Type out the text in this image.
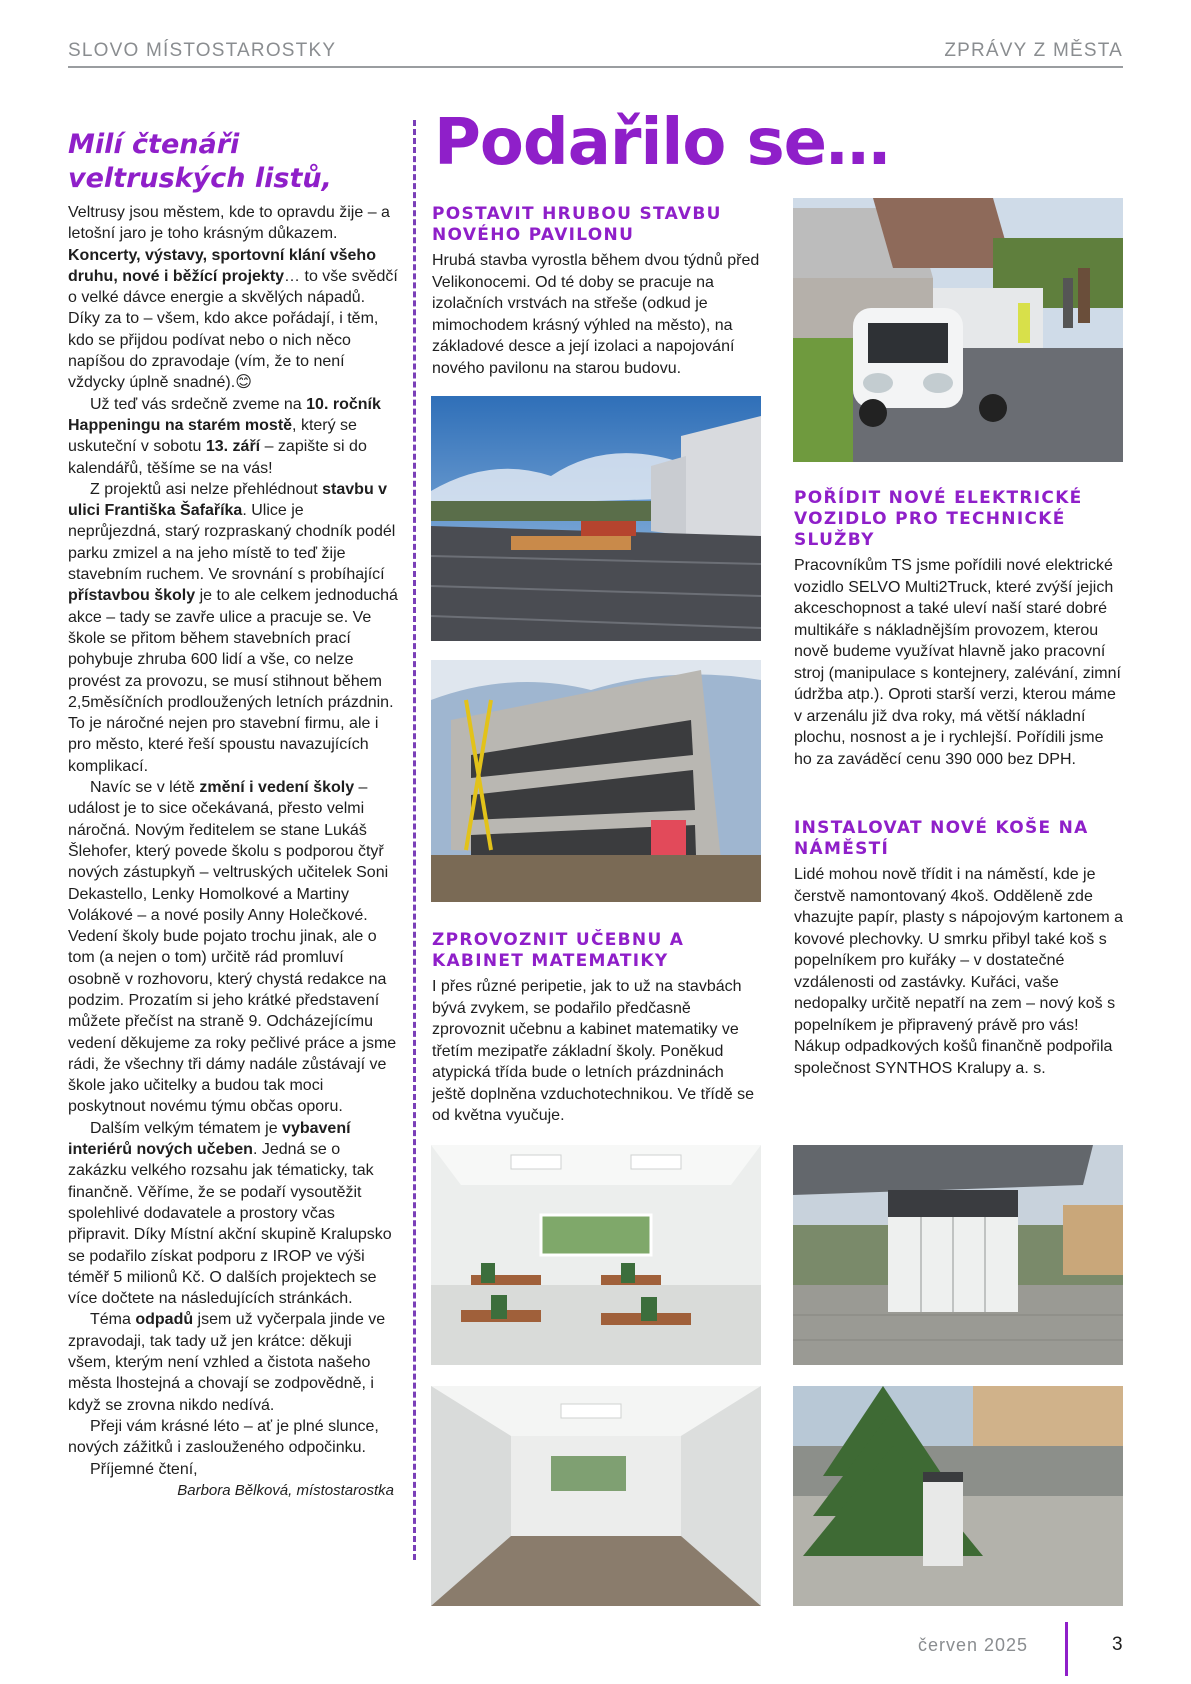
SLOVO MÍSTOSTAROSTKY	ZPRÁVY Z MĚSTA
Milí čtenáři veltruských listů,

Veltrusy jsou městem, kde to opravdu žije – a letošní jaro je toho krásným důkazem. Koncerty, výstavy, sportovní klání všeho druhu, nové i běžící projekty… to vše svědčí o velké dávce energie a skvělých nápadů. Díky za to – všem, kdo akce pořádají, i těm, kdo se přijdou podívat nebo o nich něco napíšou do zpravodaje (vím, že to není vždycky úplně snadné).😊

Už teď vás srdečně zveme na 10. ročník Happeningu na starém mostě, který se uskuteční v sobotu 13. září – zapište si do kalendářů, těšíme se na vás!

Z projektů asi nelze přehlédnout stavbu v ulici Františka Šafaříka. Ulice je neprůjezdná, starý rozpraskaný chodník podél parku zmizel a na jeho místě to teď žije stavebním ruchem. Ve srovnání s probíhající přístavbou školy je to ale celkem jednoduchá akce – tady se zavře ulice a pracuje se. Ve škole se přitom během stavebních prací pohybuje zhruba 600 lidí a vše, co nelze provést za provozu, se musí stihnout během 2,5měsíčních prodloužených letních prázdnin. To je náročné nejen pro stavební firmu, ale i pro město, které řeší spoustu navazujících komplikací.

Navíc se v létě změní i vedení školy – událost je to sice očekávaná, přesto velmi náročná. Novým ředitelem se stane Lukáš Šlehofer, který povede školu s podporou čtyř nových zástupkyň – veltruských učitelek Soni Dekastello, Lenky Homolkové a Martiny Volákové – a nové posily Anny Holečkové. Vedení školy bude pojato trochu jinak, ale o tom (a nejen o tom) určitě rád promluví osobně v rozhovoru, který chystá redakce na podzim. Prozatím si jeho krátké představení můžete přečíst na straně 9. Odcházejícímu vedení děkujeme za roky pečlivé práce a jsme rádi, že všechny tři dámy nadále zůstávají ve škole jako učitelky a budou tak moci poskytnout novému týmu občas oporu.

Dalším velkým tématem je vybavení interiérů nových učeben. Jedná se o zakázku velkého rozsahu jak tématicky, tak finančně. Věříme, že se podaří vysoutěžit spolehlivé dodavatele a prostory včas připravit. Díky Místní akční skupině Kralupsko se podařilo získat podporu z IROP ve výši téměř 5 milionů Kč. O dalších projektech se více dočtete na následujících stránkách.

Téma odpadů jsem už vyčerpala jinde ve zpravodaji, tak tady už jen krátce: děkuji všem, kterým není vzhled a čistota našeho města lhostejná a chovají se zodpovědně, i když se zrovna nikdo nedívá.

Přeji vám krásné léto – ať je plné slunce, nových zážitků i zaslouženého odpočinku.

Příjemné čtení,

Barbora Bělková, místostarostka

Podařilo se…
POSTAVIT HRUBOU STAVBU NOVÉHO PAVILONU

Hrubá stavba vyrostla během dvou týdnů před Velikonocemi. Od té doby se pracuje na izolačních vrstvách na střeše (odkud je mimochodem krásný výhled na město), na základové desce a její izolaci a napojování nového pavilonu na starou budovu.

POŘÍDIT NOVÉ ELEKTRICKÉ VOZIDLO PRO TECHNICKÉ SLUŽBY

Pracovníkům TS jsme pořídili nové elektrické vozidlo SELVO Multi2Truck, které zvýší jejich akceschopnost a také uleví naší staré dobré multikáře s nákladnějším provozem, kterou nově budeme využívat hlavně jako pracovní stroj (manipulace s kontejnery, zalévání, zimní údržba atp.). Oproti starší verzi, kterou máme v arzenálu již dva roky, má větší nákladní plochu, nosnost a je i rychlejší. Pořídili jsme ho za zaváděcí cenu 390 000 bez DPH.

INSTALOVAT NOVÉ KOŠE NA NÁMĚSTÍ

Lidé mohou nově třídit i na náměstí, kde je čerstvě namontovaný 4koš. Odděleně zde vhazujte papír, plasty s nápojovým kartonem a kovové plechovky. U smrku přibyl také koš s popelníkem pro kuřáky – v dostatečné vzdálenosti od zastávky. Kuřáci, vaše nedopalky určitě nepatří na zem – nový koš s popelníkem je připravený právě pro vás! Nákup odpadkových košů finančně podpořila společnost SYNTHOS Kralupy a. s.

ZPROVOZNIT UČEBNU A KABINET MATEMATIKY

I přes různé peripetie, jak to už na stavbách bývá zvykem, se podařilo předčasně zprovoznit učebnu a kabinet matematiky ve třetím mezipatře základní školy. Poněkud atypická třída bude o letních prázdninách ještě doplněna vzduchotechnikou. Ve třídě se od května vyučuje.

červen 2025	3
